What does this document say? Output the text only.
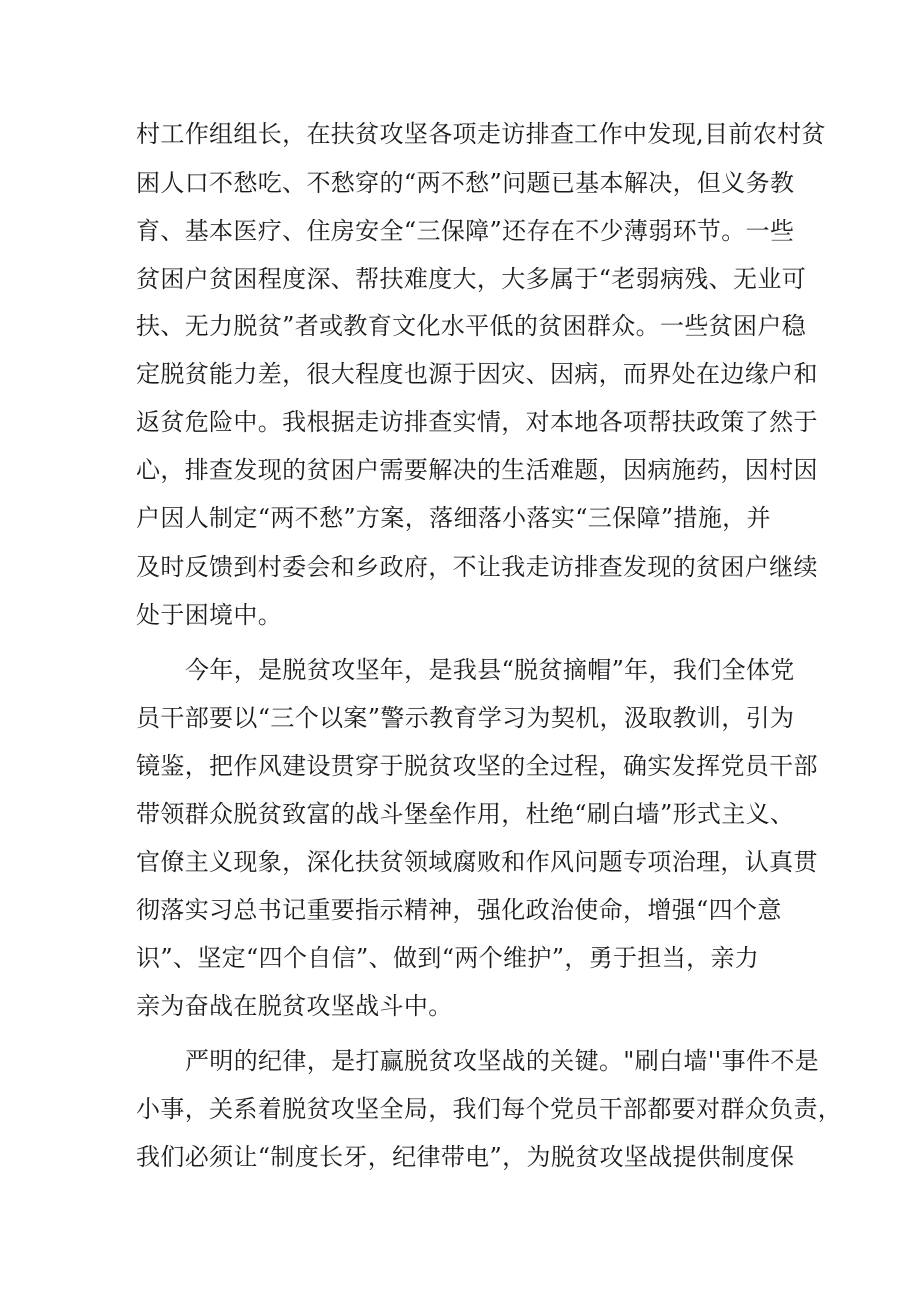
村工作组组长，在扶贫攻坚各项走访排查工作中发现,目前农村贫
困人口不愁吃、不愁穿的“两不愁”问题已基本解决，但义务教
育、基本医疗、住房安全“三保障”还存在不少薄弱环节。一些
贫困户贫困程度深、帮扶难度大，大多属于“老弱病残、无业可
扶、无力脱贫”者或教育文化水平低的贫困群众。一些贫困户稳
定脱贫能力差，很大程度也源于因灾、因病，而界处在边缘户和
返贫危险中。我根据走访排查实情，对本地各项帮扶政策了然于
心，排查发现的贫困户需要解决的生活难题，因病施药，因村因
户因人制定“两不愁”方案，落细落小落实“三保障”措施，并
及时反馈到村委会和乡政府，不让我走访排查发现的贫困户继续
处于困境中。
今年，是脱贫攻坚年，是我县“脱贫摘帽”年，我们全体党
员干部要以“三个以案”警示教育学习为契机，汲取教训，引为
镜鉴，把作风建设贯穿于脱贫攻坚的全过程，确实发挥党员干部
带领群众脱贫致富的战斗堡垒作用，杜绝“刷白墙”形式主义、
官僚主义现象，深化扶贫领域腐败和作风问题专项治理，认真贯
彻落实习总书记重要指示精神，强化政治使命，增强“四个意
识”、坚定“四个自信”、做到“两个维护”，勇于担当，亲力
亲为奋战在脱贫攻坚战斗中。
严明的纪律，是打赢脱贫攻坚战的关键。"刷白墙''事件不是
小事，关系着脱贫攻坚全局，我们每个党员干部都要对群众负责，
我们必须让“制度长牙，纪律带电”，为脱贫攻坚战提供制度保
